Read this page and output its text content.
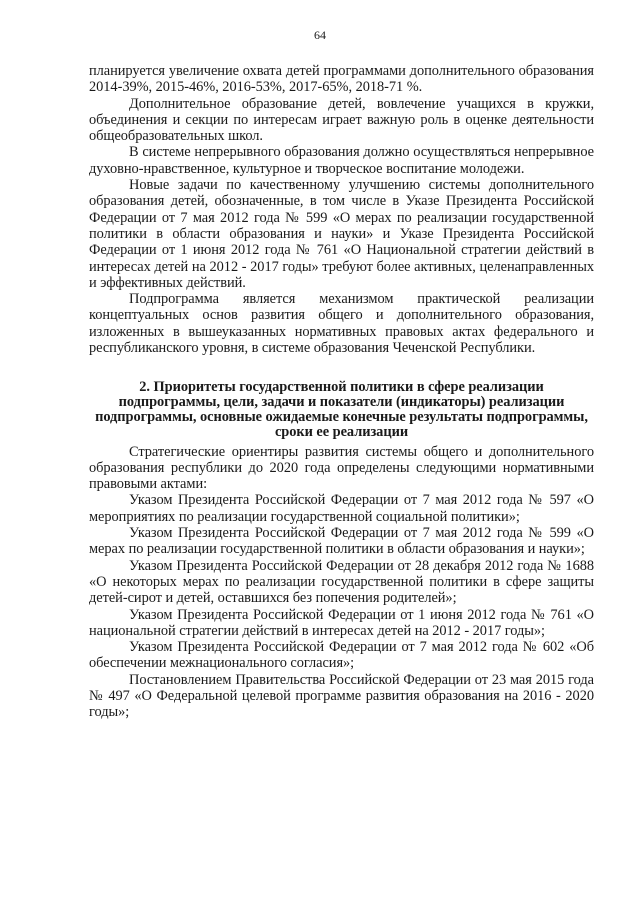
64

планируется увеличение охвата детей программами дополнительного образования 2014-39%, 2015-46%, 2016-53%, 2017-65%, 2018-71 %.

Дополнительное образование детей, вовлечение учащихся в кружки, объединения и секции по интересам играет важную роль в оценке деятельности общеобразовательных школ.

В системе непрерывного образования должно осуществляться непрерывное духовно-нравственное, культурное и творческое воспитание молодежи.

Новые задачи по качественному улучшению системы дополнительного образования детей, обозначенные, в том числе в Указе Президента Российской Федерации от 7 мая 2012 года № 599 «О мерах по реализации государственной политики в области образования и науки» и Указе Президента Российской Федерации от 1 июня 2012 года № 761 «О Национальной стратегии действий в интересах детей на 2012 - 2017 годы» требуют более активных, целенаправленных и эффективных действий.

Подпрограмма является механизмом практической реализации концептуальных основ развития общего и дополнительного образования, изложенных в вышеуказанных нормативных правовых актах федерального и республиканского уровня, в системе образования Чеченской Республики.

2. Приоритеты государственной политики в сфере реализации подпрограммы, цели, задачи и показатели (индикаторы) реализации подпрограммы, основные ожидаемые конечные результаты подпрограммы, сроки ее реализации

Стратегические ориентиры развития системы общего и дополнительного образования республики до 2020 года определены следующими нормативными правовыми актами:

Указом Президента Российской Федерации от 7 мая 2012 года № 597 «О мероприятиях по реализации государственной социальной политики»;

Указом Президента Российской Федерации от 7 мая 2012 года № 599 «О мерах по реализации государственной политики в области образования и науки»;

Указом Президента Российской Федерации от 28 декабря 2012 года № 1688 «О некоторых мерах по реализации государственной политики в сфере защиты детей-сирот и детей, оставшихся без попечения родителей»;

Указом Президента Российской Федерации от 1 июня 2012 года № 761 «О национальной стратегии действий в интересах детей на 2012 - 2017 годы»;

Указом Президента Российской Федерации от 7 мая 2012 года № 602 «Об обеспечении межнационального согласия»;

Постановлением Правительства Российской Федерации от 23 мая 2015 года № 497 «О Федеральной целевой программе развития образования на 2016 - 2020 годы»;
